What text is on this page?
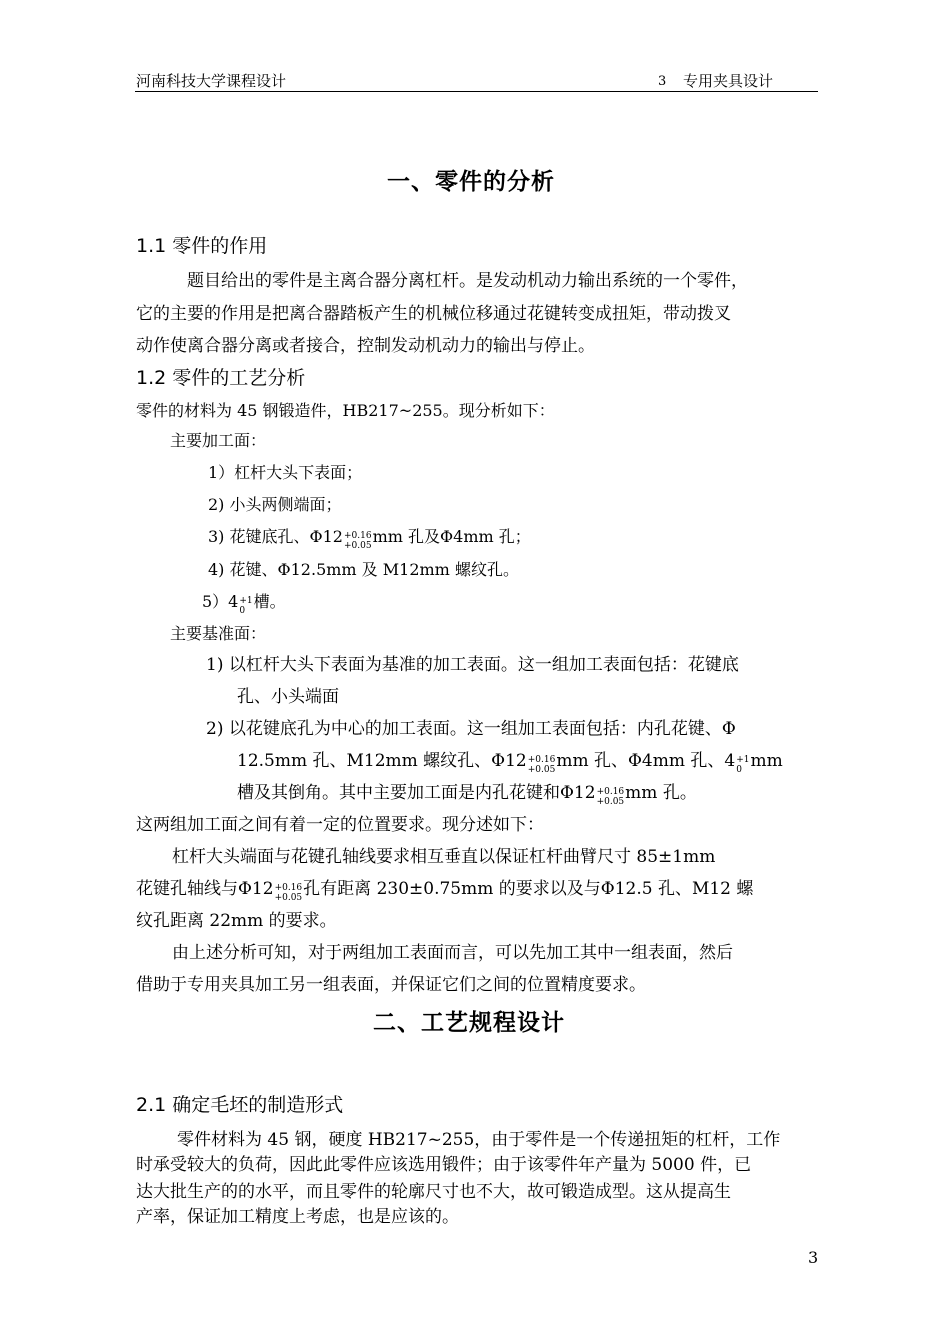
河南科技大学课程设计	3 专用夹具设计
一、零件的分析
1.1 零件的作用
题目给出的零件是主离合器分离杠杆。是发动机动力输出系统的一个零件，
它的主要的作用是把离合器踏板产生的机械位移通过花键转变成扭矩，带动拨叉
动作使离合器分离或者接合，控制发动机动力的输出与停止。
1.2 零件的工艺分析
零件的材料为 45 钢锻造件，HB217~255。现分析如下：
主要加工面：
1）杠杆大头下表面；
2) 小头两侧端面；
3) 花键底孔、Φ12 +0.16
+0.05 mm 孔及Φ4mm 孔；
4) 花键、Φ12.5mm 及 M12mm 螺纹孔。
5）4 +1
0 槽。
主要基准面：
1) 以杠杆大头下表面为基准的加工表面。这一组加工表面包括：花键底
孔、小头端面
2) 以花键底孔为中心的加工表面。这一组加工表面包括：内孔花键、Φ
12.5mm 孔、M12mm 螺纹孔、Φ12 +0.16
+0.05 mm 孔、Φ4mm 孔、4 +1
0 mm
槽及其倒角。其中主要加工面是内孔花键和Φ12 +0.16
+0.05 mm 孔。
这两组加工面之间有着一定的位置要求。现分述如下：
杠杆大头端面与花键孔轴线要求相互垂直以保证杠杆曲臂尺寸 85±1mm
花键孔轴线与Φ12 +0.16
+0.05 孔有距离 230±0.75mm 的要求以及与Φ12.5 孔、M12 螺
纹孔距离 22mm 的要求。
由上述分析可知，对于两组加工表面而言，可以先加工其中一组表面，然后
借助于专用夹具加工另一组表面，并保证它们之间的位置精度要求。
二、工艺规程设计
2.1 确定毛坯的制造形式
零件材料为 45 钢，硬度 HB217~255，由于零件是一个传递扭矩的杠杆，工作
时承受较大的负荷，因此此零件应该选用锻件；由于该零件年产量为 5000 件，已
达大批生产的的水平，而且零件的轮廓尺寸也不大，故可锻造成型。这从提高生
产率，保证加工精度上考虑，也是应该的。
3
